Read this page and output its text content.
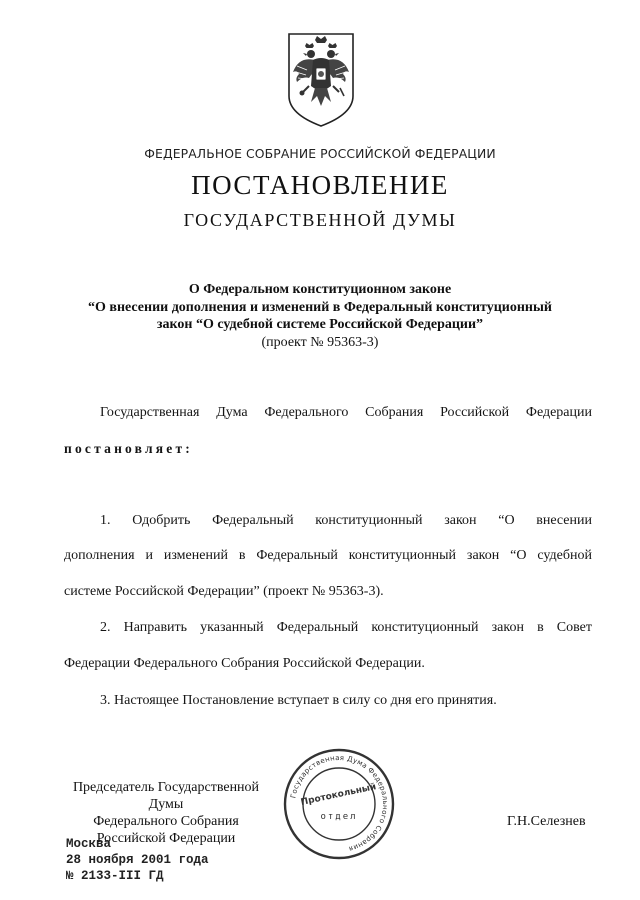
ФЕДЕРАЛЬНОЕ СОБРАНИЕ РОССИЙСКОЙ ФЕДЕРАЦИИ
ПОСТАНОВЛЕНИЕ
ГОСУДАРСТВЕННОЙ ДУМЫ
О Федеральном конституционном законе
“О внесении дополнения и изменений в Федеральный конституционный
закон “О судебной системе Российской Федерации”
(проект № 95363-3)
Государственная Дума Федерального Собрания Российской Федерации
постановляет:
1. Одобрить Федеральный конституционный закон “О внесении
дополнения и изменений в Федеральный конституционный закон “О судебной
системе Российской Федерации” (проект № 95363-3).
2. Направить указанный Федеральный конституционный закон в Совет
Федерации Федерального Собрания Российской Федерации.
3. Настоящее Постановление вступает в силу со дня его принятия.
Председатель Государственной Думы
Федерального Собрания
Российской Федерации
Государственная Дума Федерального Собрания
Протокольный
отдел	Г.Н.Селезнев
Москва
28 ноября 2001 года
№ 2133-III ГД
